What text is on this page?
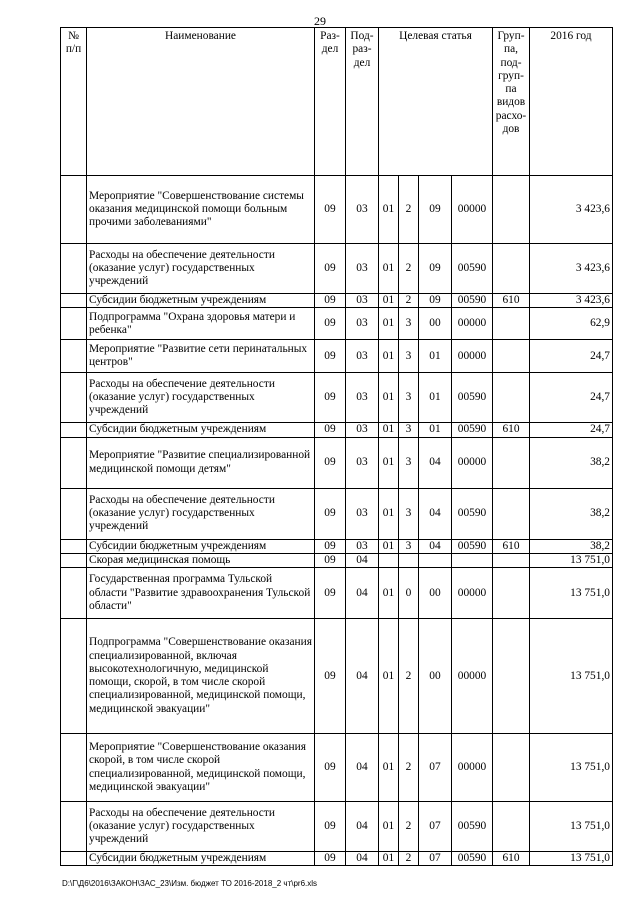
29
№ п/п	Наименование	Раз-дел	Под-раз-дел	Целевая статья				Груп-па, под-груп-па видов расхо-дов	2016 год
	Мероприятие "Совершенствование системы оказания медицинской помощи больным прочими заболеваниями"	09	03	01	2	09	00000		3 423,6
	Расходы на обеспечение деятельности (оказание услуг) государственных учреждений	09	03	01	2	09	00590		3 423,6
	Субсидии бюджетным учреждениям	09	03	01	2	09	00590	610	3 423,6
	Подпрограмма "Охрана здоровья матери и ребенка"	09	03	01	3	00	00000		62,9
	Мероприятие "Развитие сети перинатальных центров"	09	03	01	3	01	00000		24,7
	Расходы на обеспечение деятельности (оказание услуг) государственных учреждений	09	03	01	3	01	00590		24,7
	Субсидии бюджетным учреждениям	09	03	01	3	01	00590	610	24,7
	Мероприятие "Развитие специализированной медицинской помощи детям"	09	03	01	3	04	00000		38,2
	Расходы на обеспечение деятельности (оказание услуг) государственных учреждений	09	03	01	3	04	00590		38,2
	Субсидии бюджетным учреждениям	09	03	01	3	04	00590	610	38,2
	Скорая медицинская помощь	09	04						13 751,0
	Государственная программа Тульской области "Развитие здравоохранения Тульской области"	09	04	01	0	00	00000		13 751,0
	Подпрограмма "Совершенствование оказания специализированной, включая высокотехнологичную, медицинской помощи, скорой, в том числе скорой специализированной, медицинской помощи, медицинской эвакуации"	09	04	01	2	00	00000		13 751,0
	Мероприятие "Совершенствование оказания скорой, в том числе скорой специализированной, медицинской помощи, медицинской эвакуации"	09	04	01	2	07	00000		13 751,0
	Расходы на обеспечение деятельности (оказание услуг) государственных учреждений	09	04	01	2	07	00590		13 751,0
	Субсидии бюджетным учреждениям	09	04	01	2	07	00590	610	13 751,0
D:\Г\Д6\2016\ЗАКОН\ЗАС_23\Изм. бюджет ТО 2016-2018_2 чт\pr6.xls
